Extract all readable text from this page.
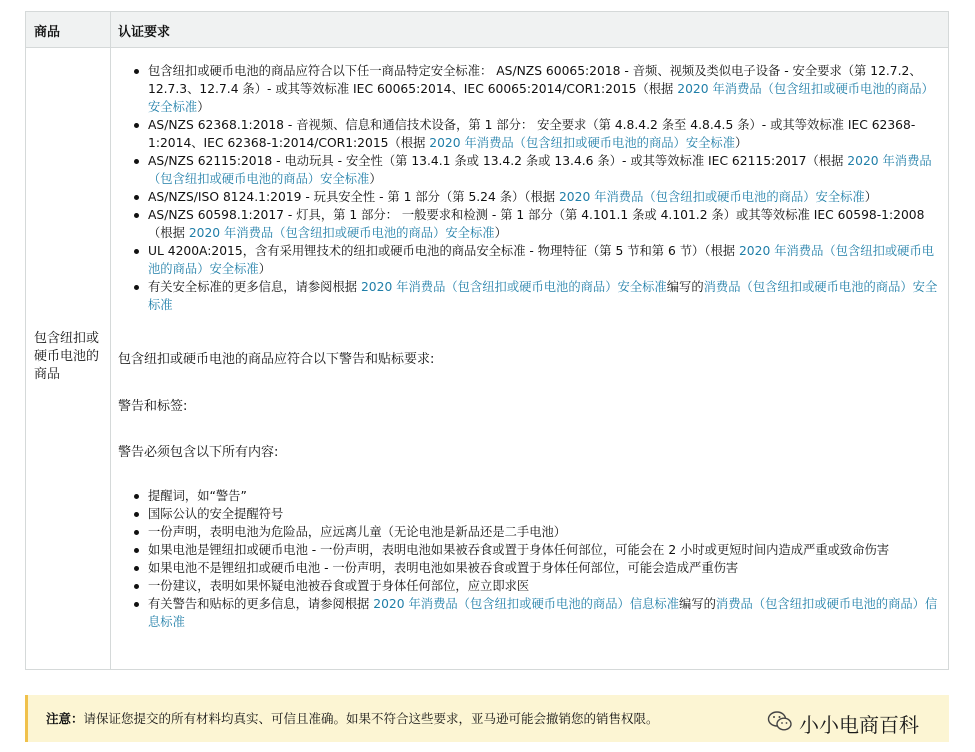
商品	认证要求
包含纽扣或硬币电池的商品
包含纽扣或硬币电池的商品应符合以下任一商品特定安全标准： AS/NZS 60065:2018 - 音频、视频及类似电子设备 - 安全要求（第 12.7.2、12.7.3、12.7.4 条）- 或其等效标准 IEC 60065:2014、IEC 60065:2014/COR1:2015（根据 2020 年消费品（包含纽扣或硬币电池的商品）安全标准）
AS/NZS 62368.1:2018 - 音视频、信息和通信技术设备，第 1 部分： 安全要求（第 4.8.4.2 条至 4.8.4.5 条）- 或其等效标准 IEC 62368-1:2014、IEC 62368-1:2014/COR1:2015（根据 2020 年消费品（包含纽扣或硬币电池的商品）安全标准）
AS/NZS 62115:2018 - 电动玩具 - 安全性（第 13.4.1 条或 13.4.2 条或 13.4.6 条）- 或其等效标准 IEC 62115:2017（根据 2020 年消费品（包含纽扣或硬币电池的商品）安全标准）
AS/NZS/ISO 8124.1:2019 - 玩具安全性 - 第 1 部分（第 5.24 条）（根据 2020 年消费品（包含纽扣或硬币电池的商品）安全标准）
AS/NZS 60598.1:2017 - 灯具，第 1 部分： 一般要求和检测 - 第 1 部分（第 4.101.1 条或 4.101.2 条）或其等效标准 IEC 60598-1:2008（根据 2020 年消费品（包含纽扣或硬币电池的商品）安全标准）
UL 4200A:2015，含有采用锂技术的纽扣或硬币电池的商品安全标准 - 物理特征（第 5 节和第 6 节）（根据 2020 年消费品（包含纽扣或硬币电池的商品）安全标准）
有关安全标准的更多信息，请参阅根据 2020 年消费品（包含纽扣或硬币电池的商品）安全标准编写的消费品（包含纽扣或硬币电池的商品）安全标准

包含纽扣或硬币电池的商品应符合以下警告和贴标要求:

警告和标签:

警告必须包含以下所有内容:

提醒词，如“警告”
国际公认的安全提醒符号
一份声明，表明电池为危险品，应远离儿童（无论电池是新品还是二手电池）
如果电池是锂纽扣或硬币电池 - 一份声明，表明电池如果被吞食或置于身体任何部位，可能会在 2 小时或更短时间内造成严重或致命伤害
如果电池不是锂纽扣或硬币电池 - 一份声明，表明电池如果被吞食或置于身体任何部位，可能会造成严重伤害
一份建议，表明如果怀疑电池被吞食或置于身体任何部位，应立即求医
有关警告和贴标的更多信息，请参阅根据 2020 年消费品（包含纽扣或硬币电池的商品）信息标准编写的消费品（包含纽扣或硬币电池的商品）信息标准
注意：请保证您提交的所有材料均真实、可信且准确。如果不符合这些要求，亚马逊可能会撤销您的销售权限。	小小电商百科
